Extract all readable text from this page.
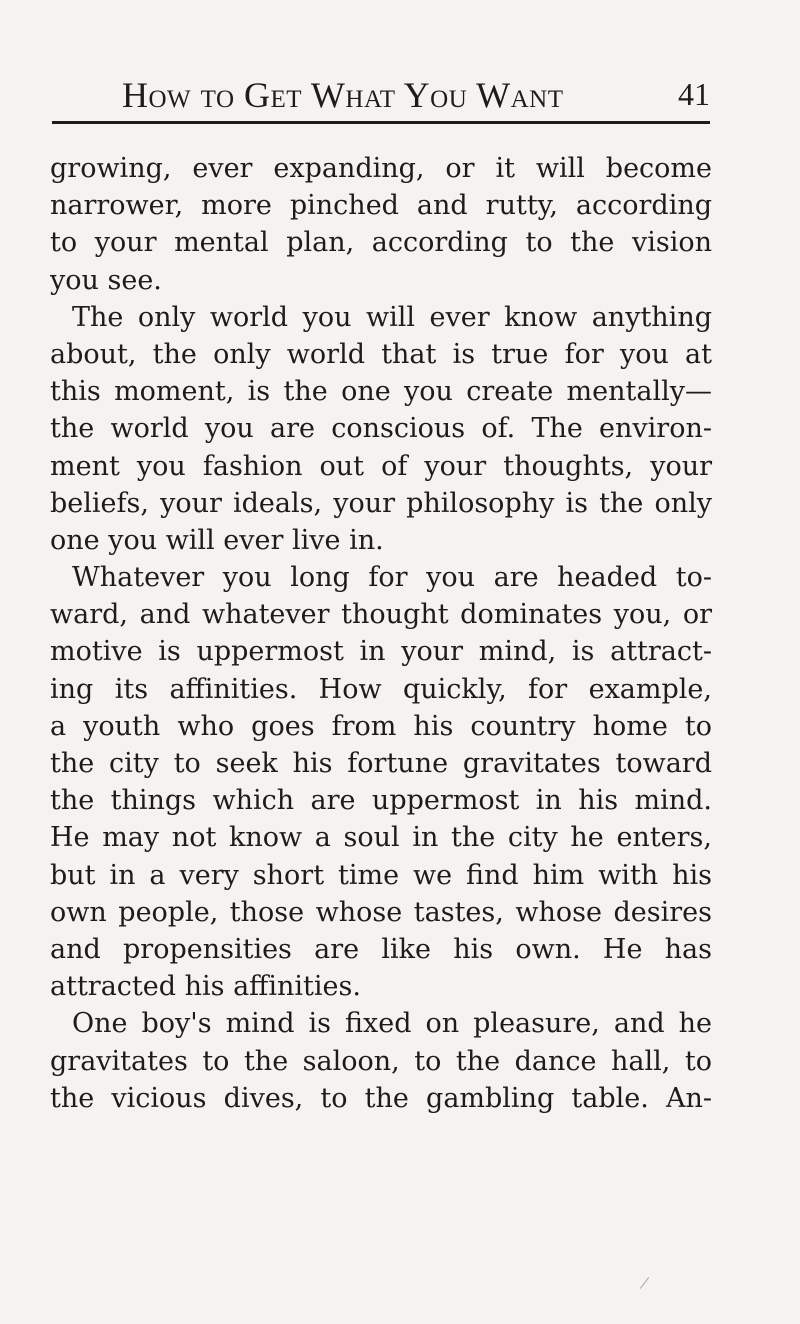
How to Get What You Want	41

growing, ever expanding, or it will become
narrower, more pinched and rutty, according
to your mental plan, according to the vision
you see.

The only world you will ever know anything
about, the only world that is true for you at
this moment, is the one you create mentally—
the world you are conscious of. The environ-
ment you fashion out of your thoughts, your
beliefs, your ideals, your philosophy is the only
one you will ever live in.

Whatever you long for you are headed to-
ward, and whatever thought dominates you, or
motive is uppermost in your mind, is attract-
ing its affinities. How quickly, for example,
a youth who goes from his country home to
the city to seek his fortune gravitates toward
the things which are uppermost in his mind.
He may not know a soul in the city he enters,
but in a very short time we find him with his
own people, those whose tastes, whose desires
and propensities are like his own. He has
attracted his affinities.

One boy's mind is fixed on pleasure, and he
gravitates to the saloon, to the dance hall, to
the vicious dives, to the gambling table. An-
